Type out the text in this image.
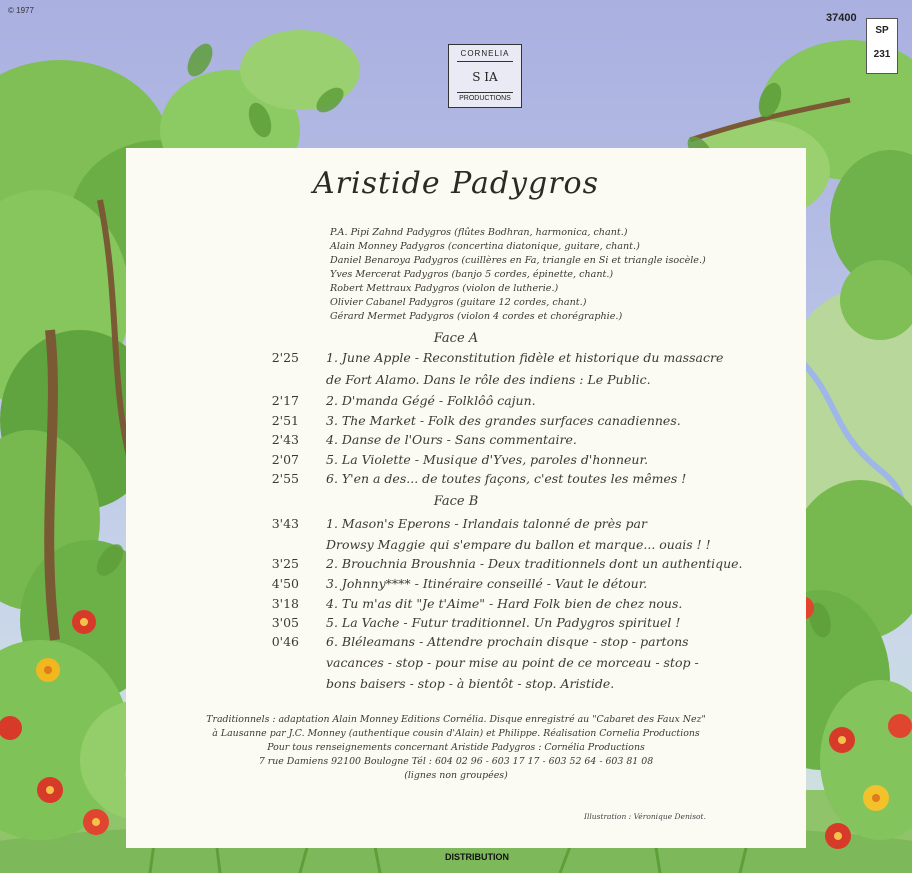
© 1977
37400
SP
231
CORNELIA
S IA
PRODUCTIONS
Aristide Padygros
P.A. Pipi Zahnd Padygros (flûtes Bodhran, harmonica, chant.)
Alain Monney Padygros (concertina diatonique, guitare, chant.)
Daniel Benaroya Padygros (cuillères en Fa, triangle en Si et triangle isocèle.)
Yves Mercerat Padygros (banjo 5 cordes, épinette, chant.)
Robert Mettraux Padygros (violon de lutherie.)
Olivier Cabanel Padygros (guitare 12 cordes, chant.)
Gérard Mermet Padygros (violon 4 cordes et chorégraphie.)
Face A
2'25 1. June Apple - Reconstitution fidèle et historique du massacre
de Fort Alamo. Dans le rôle des indiens : Le Public.
2'17 2. D'manda Gégé - Folklôô cajun.
2'51 3. The Market - Folk des grandes surfaces canadiennes.
2'43 4. Danse de l'Ours - Sans commentaire.
2'07 5. La Violette - Musique d'Yves, paroles d'honneur.
2'55 6. Y'en a des... de toutes façons, c'est toutes les mêmes !
Face B
3'43 1. Mason's Eperons - Irlandais talonné de près par
Drowsy Maggie qui s'empare du ballon et marque... ouais ! !
3'25 2. Brouchnia Broushnia - Deux traditionnels dont un authentique.
4'50 3. Johnny**** - Itinéraire conseillé - Vaut le détour.
3'18 4. Tu m'as dit "Je t'Aime" - Hard Folk bien de chez nous.
3'05 5. La Vache - Futur traditionnel. Un Padygros spirituel !
0'46 6. Bléleamans - Attendre prochain disque - stop - partons
vacances - stop - pour mise au point de ce morceau - stop -
bons baisers - stop - à bientôt - stop. Aristide.
Traditionnels : adaptation Alain Monney Editions Cornélia. Disque enregistré au "Cabaret des Faux Nez"
à Lausanne par J.C. Monney (authentique cousin d'Alain) et Philippe. Réalisation Cornelia Productions
Pour tous renseignements concernant Aristide Padygros : Cornélia Productions
7 rue Damiens 92100 Boulogne Tél : 604 02 96 - 603 17 17 - 603 52 64 - 603 81 08
(lignes non groupées)
Illustration : Véronique Denisot.
DISTRIBUTION
